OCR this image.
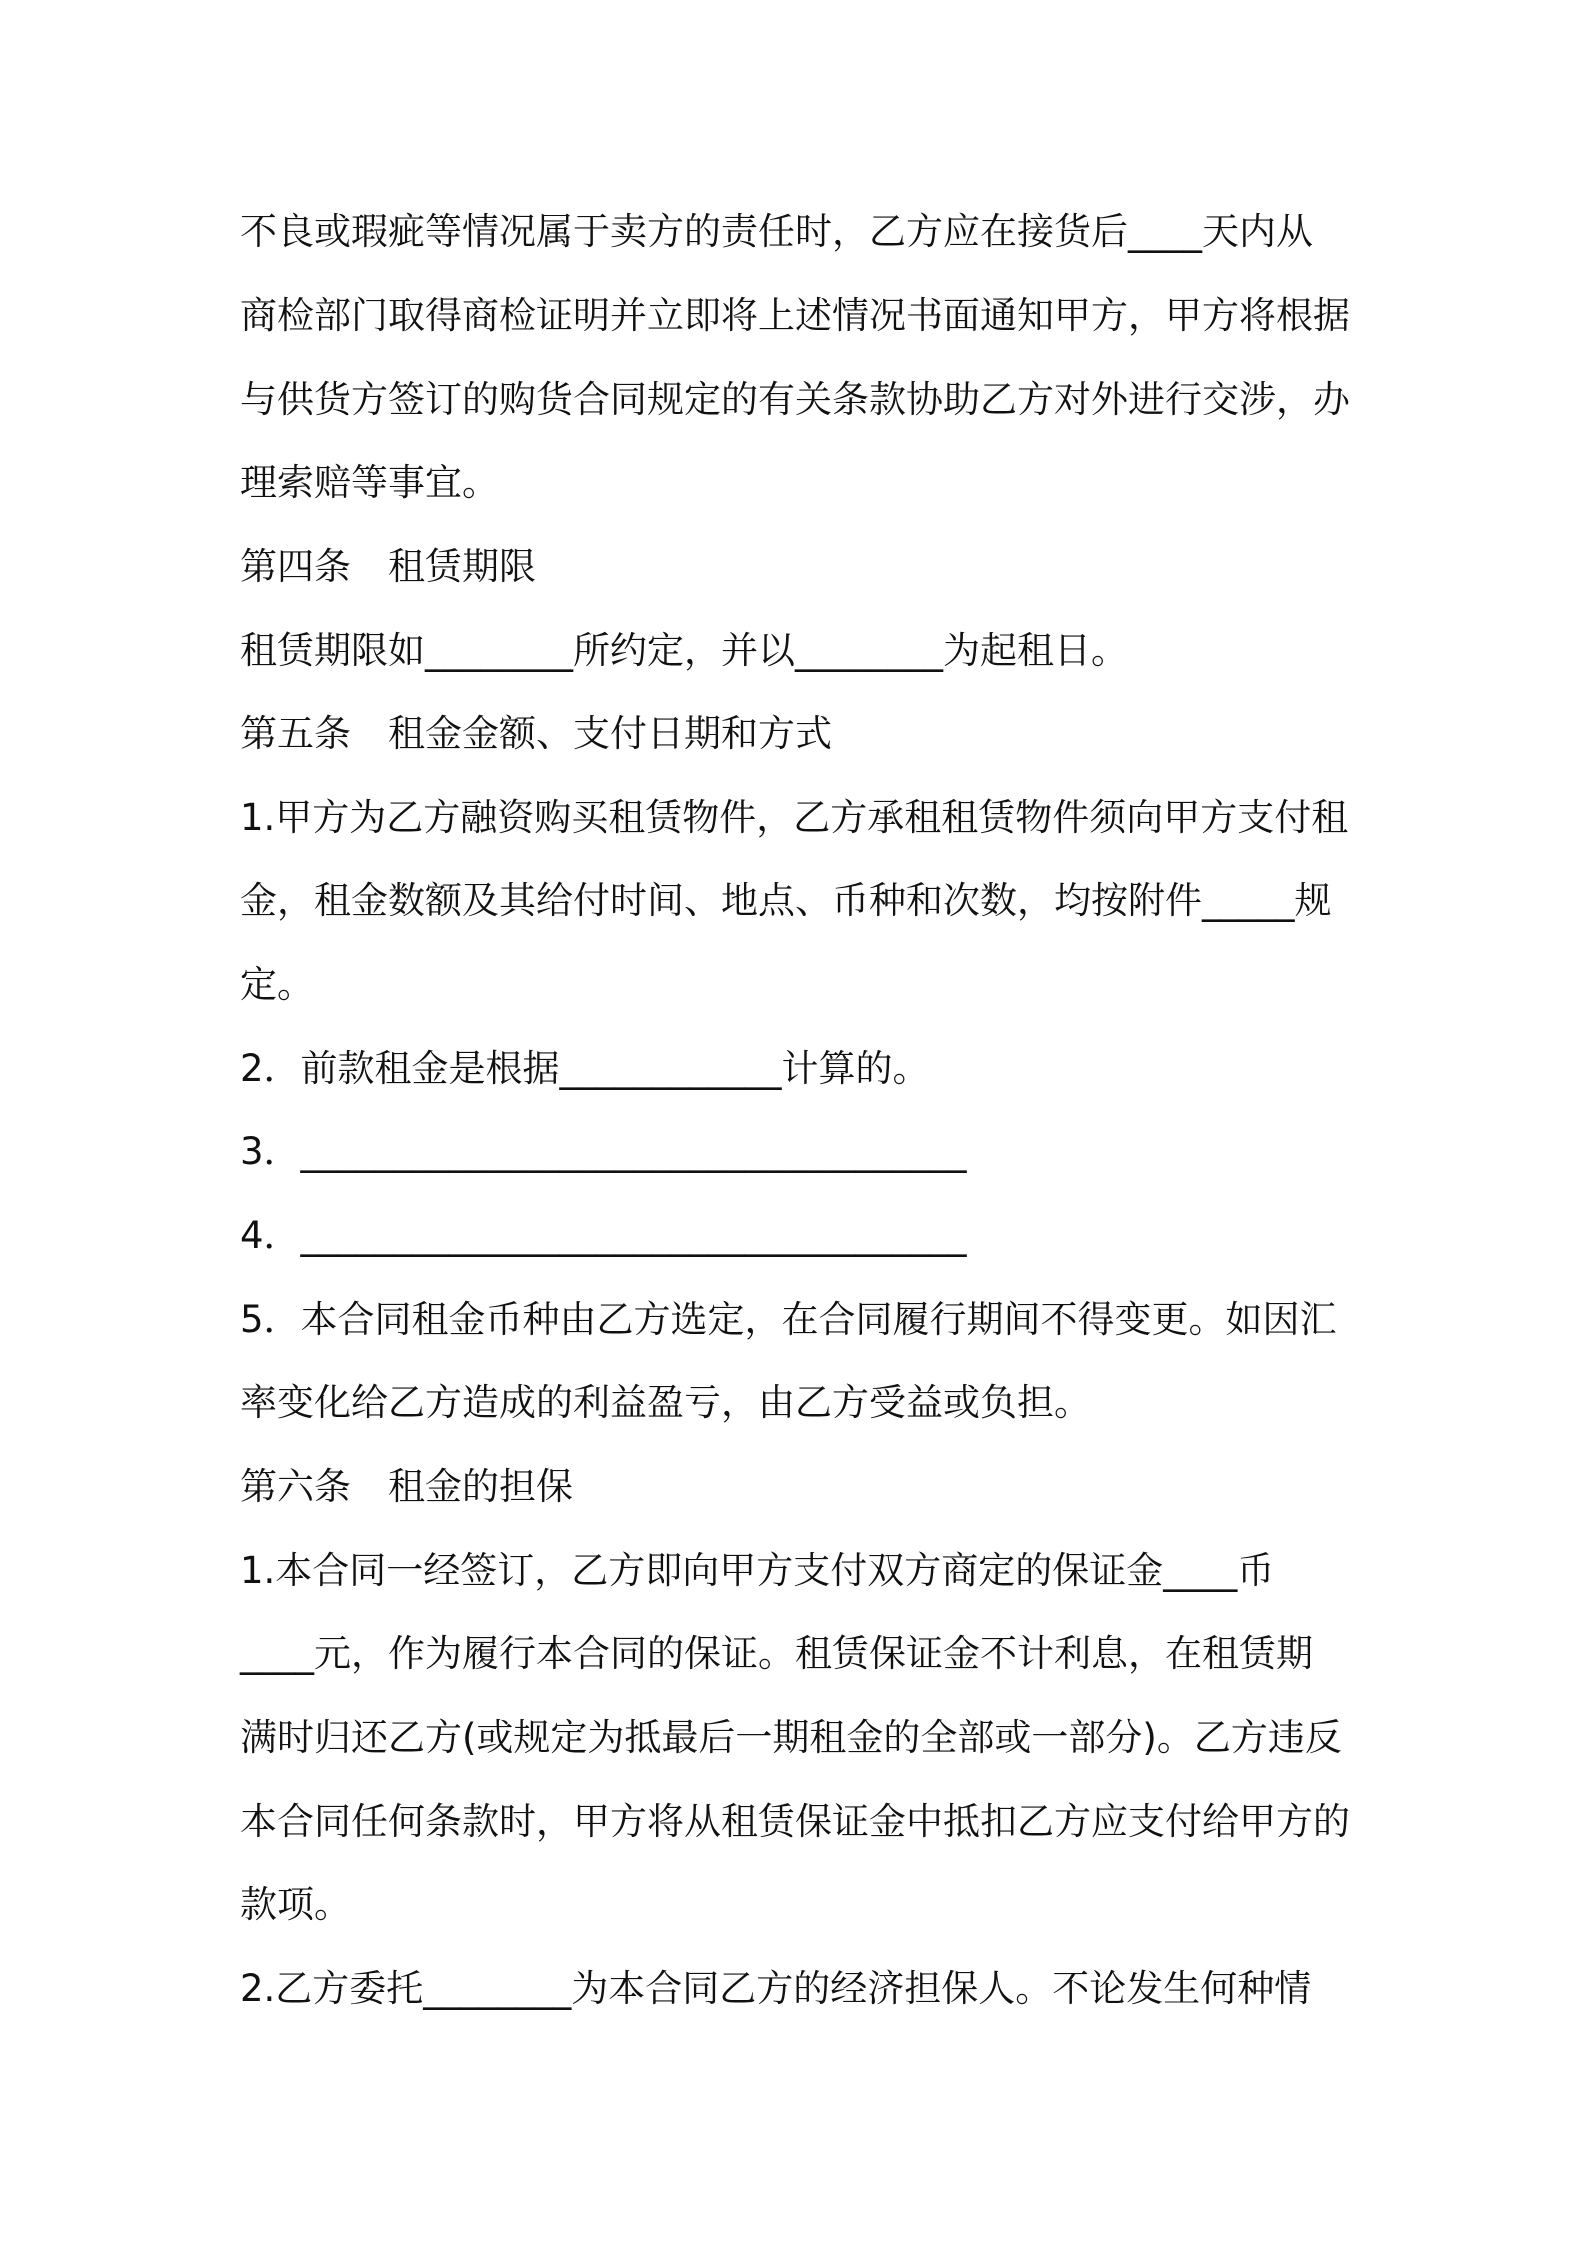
不良或瑕疵等情况属于卖方的责任时，乙方应在接货后____天内从
商检部门取得商检证明并立即将上述情况书面通知甲方，甲方将根据
与供货方签订的购货合同规定的有关条款协助乙方对外进行交涉，办
理索赔等事宜。
第四条　租赁期限
租赁期限如________所约定，并以________为起租日。
第五条　租金金额、支付日期和方式
1.甲方为乙方融资购买租赁物件，乙方承租租赁物件须向甲方支付租
金，租金数额及其给付时间、地点、币种和次数，均按附件_____规
定。
2．前款租金是根据____________计算的。
3．____________________________________
4．____________________________________
5．本合同租金币种由乙方选定，在合同履行期间不得变更。如因汇
率变化给乙方造成的利益盈亏，由乙方受益或负担。
第六条　租金的担保
1.本合同一经签订，乙方即向甲方支付双方商定的保证金____币
____元，作为履行本合同的保证。租赁保证金不计利息，在租赁期
满时归还乙方(或规定为抵最后一期租金的全部或一部分)。乙方违反
本合同任何条款时，甲方将从租赁保证金中抵扣乙方应支付给甲方的
款项。
2.乙方委托________为本合同乙方的经济担保人。不论发生何种情
